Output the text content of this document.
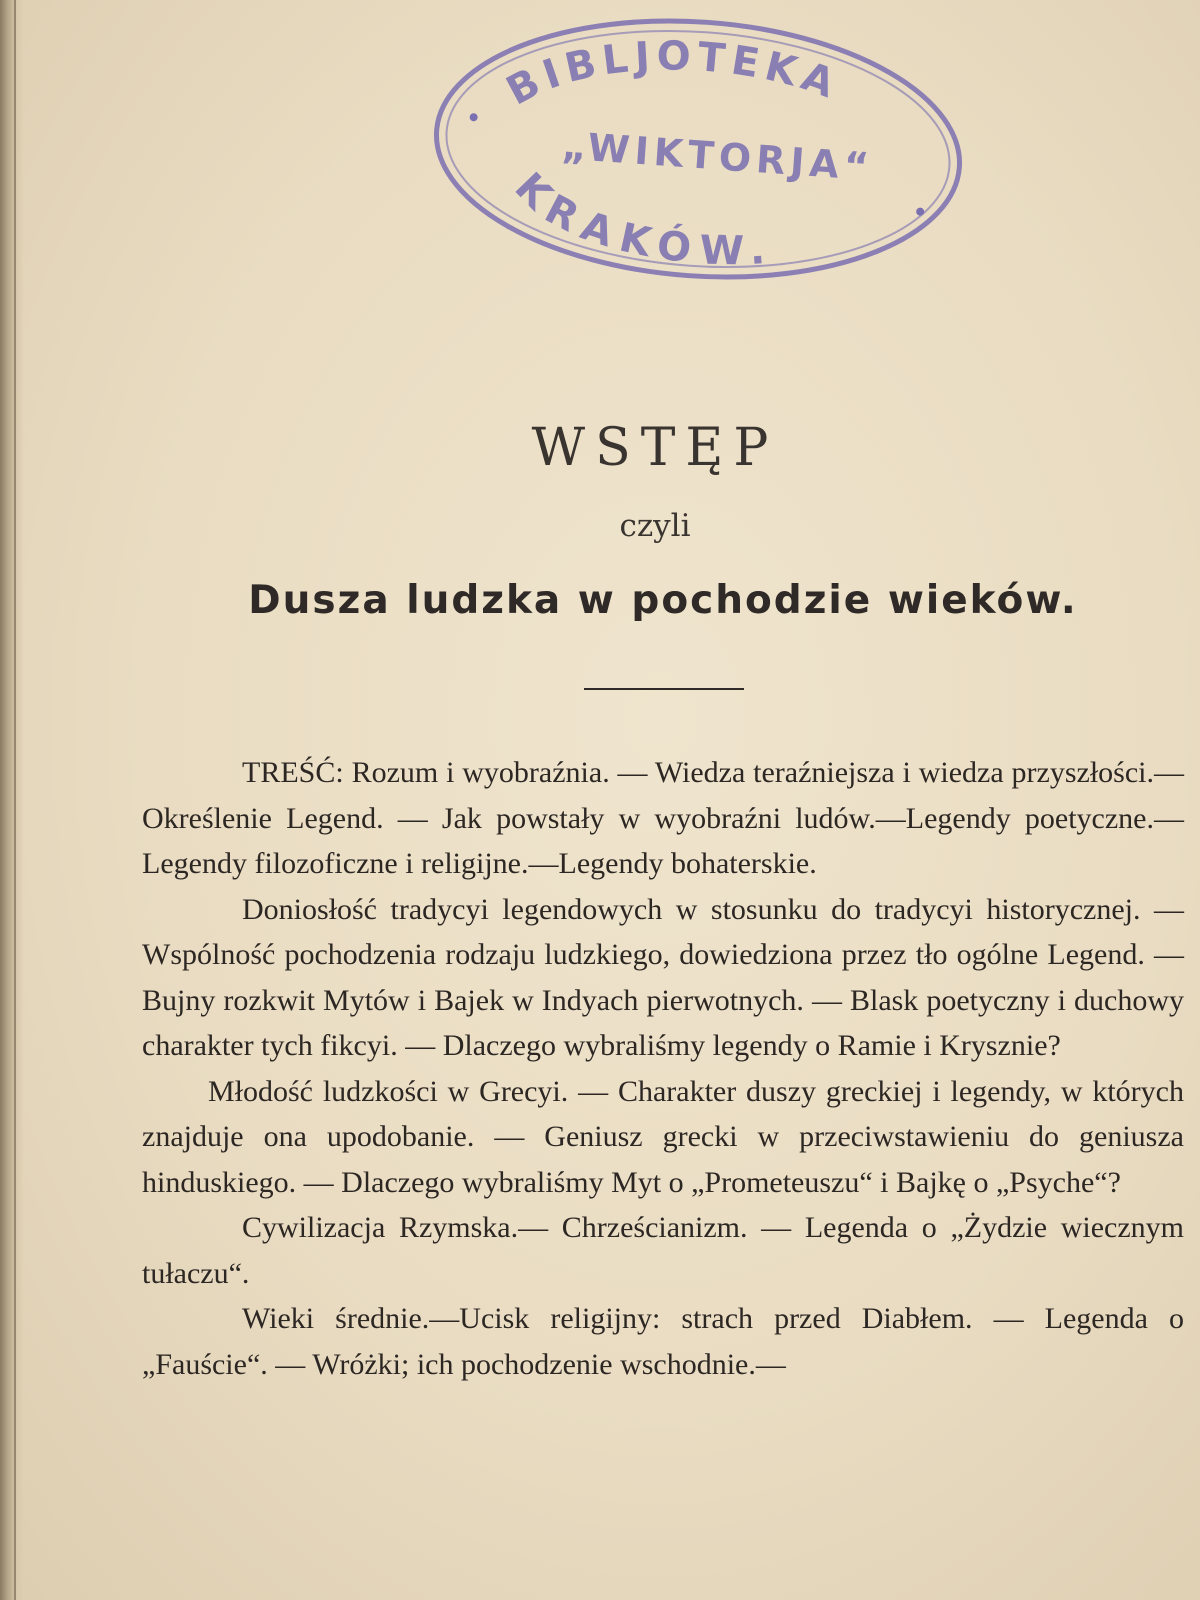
BIBLJOTEKA
„WIKTORJA“
KRAKÓW.
WSTĘP
czyli
Dusza ludzka w pochodzie wieków.

TREŚĆ: Rozum i wyobraźnia. — Wiedza teraźniejsza i wiedza przyszłości.—Określenie Legend. — Jak powstały w wyobraźni ludów.—Legendy poetyczne.—Legendy filozoficzne i religijne.—Legendy bohaterskie.

Doniosłość tradycyi legendowych w stosunku do tradycyi historycznej. — Wspólność pochodzenia rodzaju ludzkiego, dowiedziona przez tło ogólne Legend. — Bujny rozkwit Mytów i Bajek w Indyach pierwotnych. — Blask poetyczny i duchowy charakter tych fikcyi. — Dlaczego wybraliśmy legendy o Ramie i Krysznie?

Młodość ludzkości w Grecyi. — Charakter duszy greckiej i legendy, w których znajduje ona upodobanie. — Geniusz grecki w przeciwstawieniu do geniusza hinduskiego. — Dlaczego wybraliśmy Myt o „Prometeuszu“ i Bajkę o „Psyche“?

Cywilizacja Rzymska.— Chrześcianizm. — Legenda o „Żydzie wiecznym tułaczu“.

Wieki średnie.—Ucisk religijny: strach przed Diabłem. — Legenda o „Fauście“. — Wróżki; ich pochodzenie wschodnie.—
